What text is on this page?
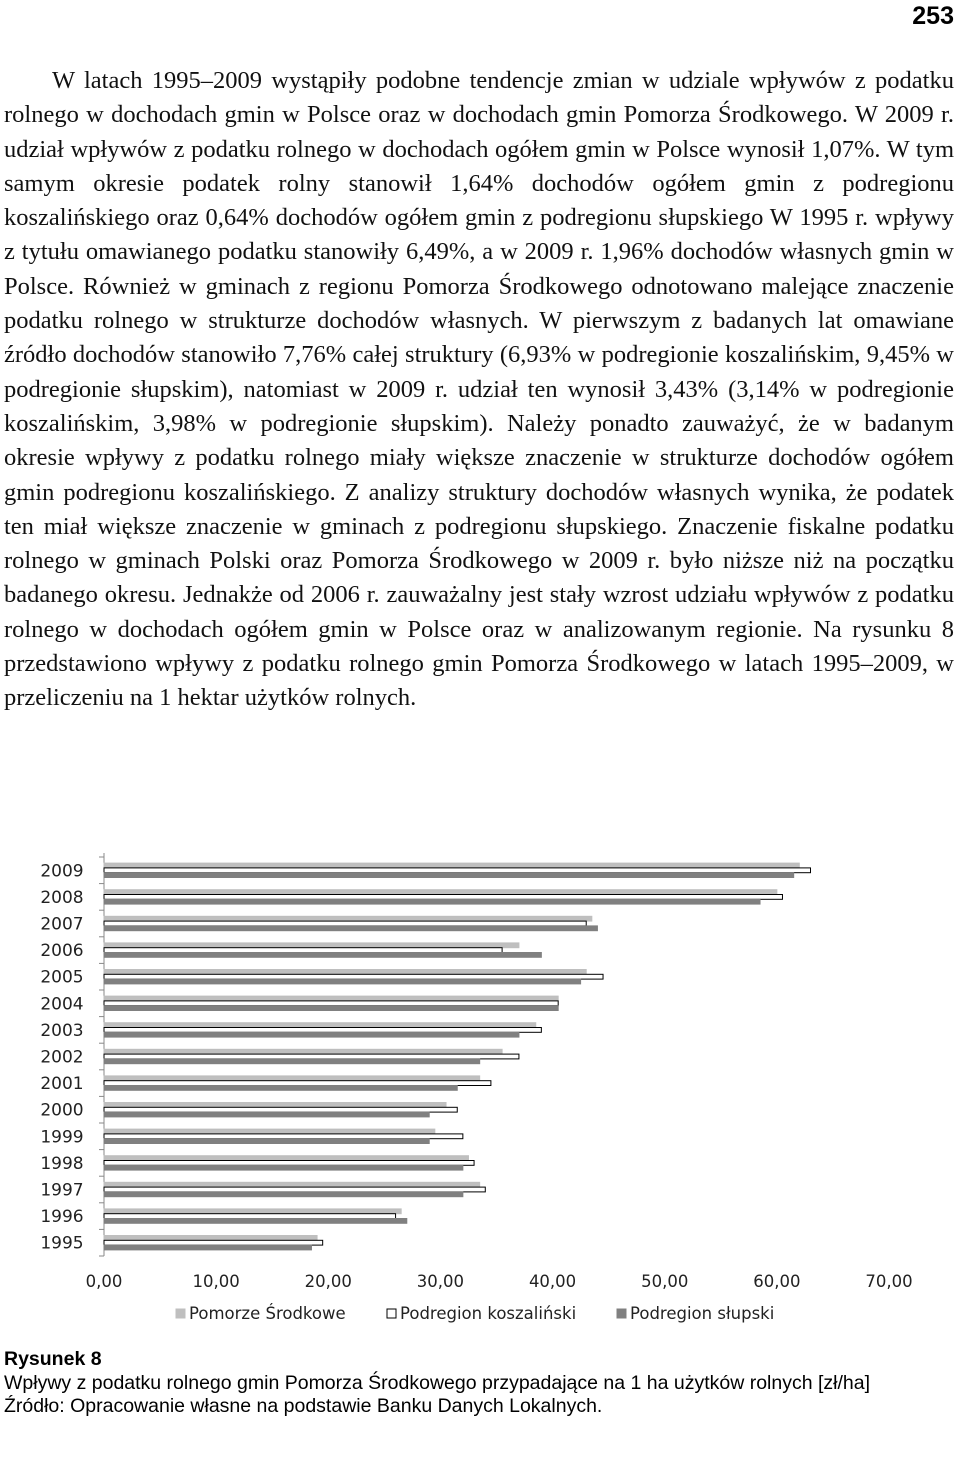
253

W latach 1995–2009 wystąpiły podobne tendencje zmian w udziale wpływów z podatku rolnego w dochodach gmin w Polsce oraz w dochodach gmin Pomorza Środkowego. W 2009 r. udział wpływów z podatku rolnego w dochodach ogółem gmin w Polsce wynosił 1,07%. W tym samym okresie podatek rolny stanowił 1,64% dochodów ogółem gmin z podregionu koszalińskiego oraz 0,64% dochodów ogółem gmin z podregionu słupskiego W 1995 r. wpływy z tytułu omawianego podatku stanowiły 6,49%, a w 2009 r. 1,96% dochodów własnych gmin w Polsce. Również w gminach z regionu Pomorza Środkowego odnotowano malejące znaczenie podatku rolnego w strukturze dochodów własnych. W pierwszym z badanych lat omawiane źródło dochodów stanowiło 7,76% całej struktury (6,93% w podregionie koszalińskim, 9,45% w podregionie słupskim), natomiast w 2009 r. udział ten wynosił 3,43% (3,14% w podregionie koszalińskim, 3,98% w podregionie słupskim). Należy ponadto zauważyć, że w badanym okresie wpływy z podatku rolnego miały większe znaczenie w strukturze dochodów ogółem gmin podregionu koszalińskiego. Z analizy struktury dochodów własnych wynika, że podatek ten miał większe znaczenie w gminach z podregionu słupskiego. Znaczenie fiskalne podatku rolnego w gminach Polski oraz Pomorza Środkowego w 2009 r. było niższe niż na początku badanego okresu. Jednakże od 2006 r. zauważalny jest stały wzrost udziału wpływów z podatku rolnego w dochodach ogółem gmin w Polsce oraz w analizowanym regionie. Na rysunku 8 przedstawiono wpływy z podatku rolnego gmin Pomorza Środkowego w latach 1995–2009, w przeliczeniu na 1 hektar użytków rolnych.

2009
2008
2007
2006
2005
2004
2003
2002
2001
2000
1999
1998
1997
1996
1995
0,00	10,00	20,00	30,00	40,00	50,00	60,00	70,00
Pomorze Środkowe	Podregion koszaliński	Podregion słupski
Rysunek 8
Wpływy z podatku rolnego gmin Pomorza Środkowego przypadające na 1 ha użytków rolnych [zł/ha]
Źródło: Opracowanie własne na podstawie Banku Danych Lokalnych.
